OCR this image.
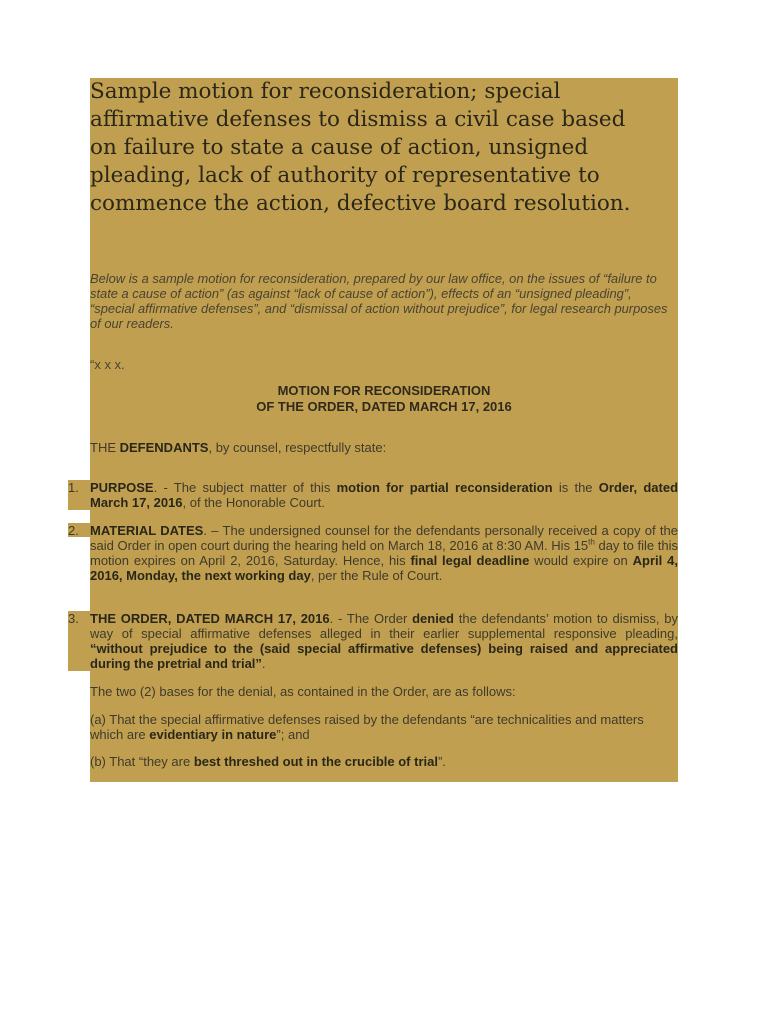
Sample motion for reconsideration; special affirmative defenses to dismiss a civil case based on failure to state a cause of action, unsigned pleading, lack of authority of representative to commence the action, defective board resolution.

Below is a sample motion for reconsideration, prepared by our law office, on the issues of “failure to state a cause of action” (as against “lack of cause of action”), effects of an “unsigned pleading”, “special affirmative defenses”, and “dismissal of action without prejudice”, for legal research purposes of our readers.

“x x x.

MOTION FOR RECONSIDERATION
OF THE ORDER, DATED MARCH 17, 2016

THE DEFENDANTS, by counsel, respectfully state:

1. PURPOSE. - The subject matter of this motion for partial reconsideration is the Order, dated March 17, 2016, of the Honorable Court.

2. MATERIAL DATES. – The undersigned counsel for the defendants personally received a copy of the said Order in open court during the hearing held on March 18, 2016 at 8:30 AM. His 15th day to file this motion expires on April 2, 2016, Saturday. Hence, his final legal deadline would expire on April 4, 2016, Monday, the next working day, per the Rule of Court.

3. THE ORDER, DATED MARCH 17, 2016. - The Order denied the defendants’ motion to dismiss, by way of special affirmative defenses alleged in their earlier supplemental responsive pleading, “without prejudice to the (said special affirmative defenses) being raised and appreciated during the pretrial and trial”.

The two (2) bases for the denial, as contained in the Order, are as follows:

(a) That the special affirmative defenses raised by the defendants “are technicalities and matters which are evidentiary in nature”; and

(b) That “they are best threshed out in the crucible of trial”.
